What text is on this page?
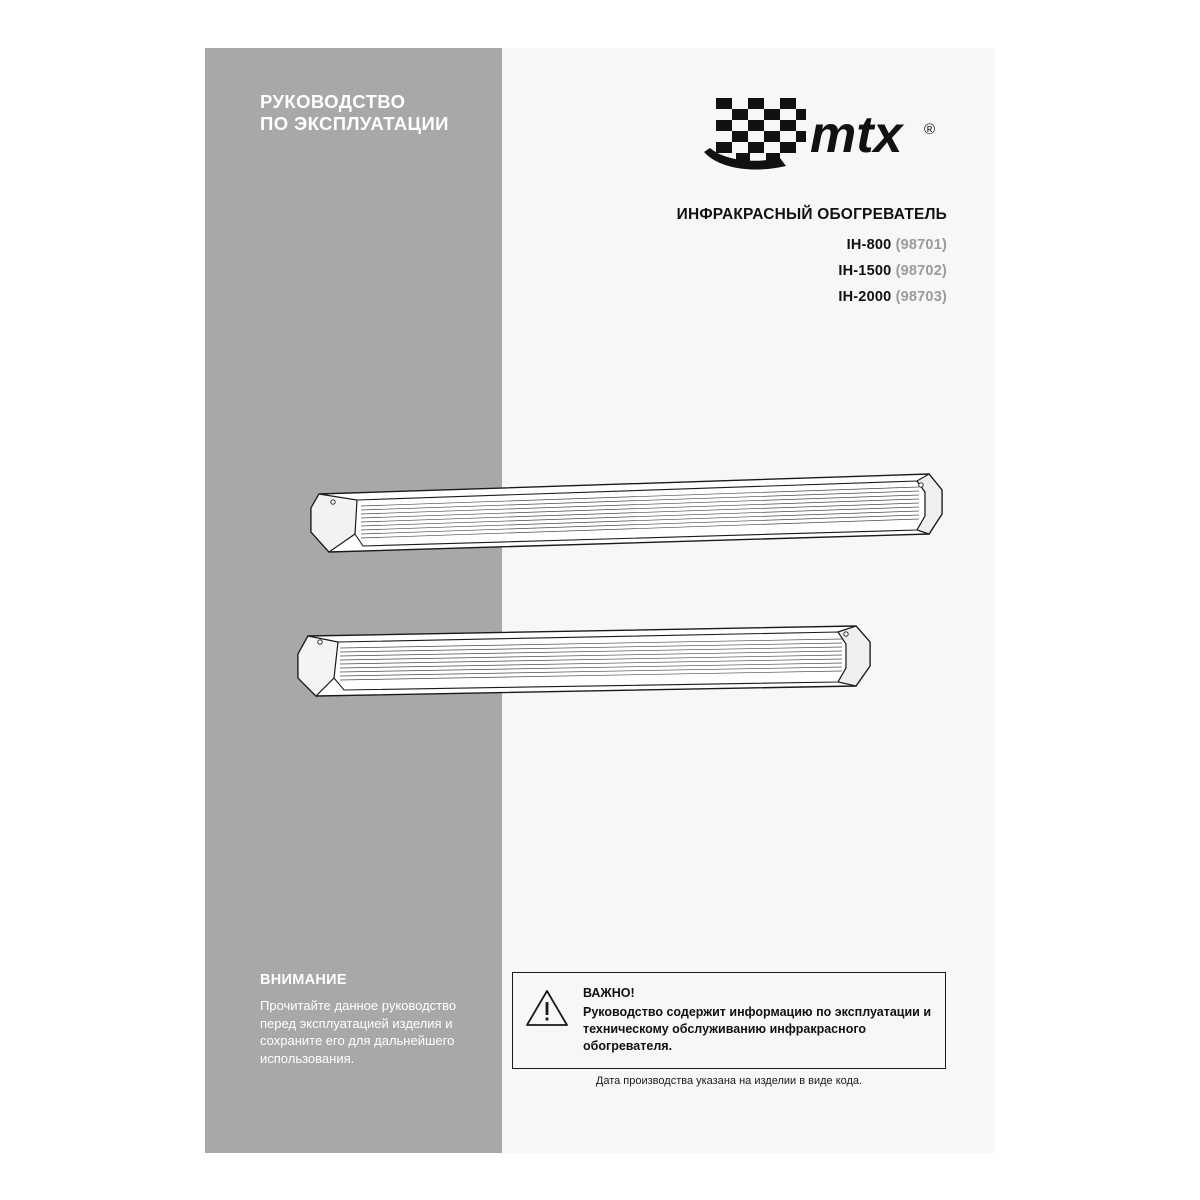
РУКОВОДСТВО
ПО ЭКСПЛУАТАЦИИ	mtx ®
ИНФРАКРАСНЫЙ ОБОГРЕВАТЕЛЬ
IH-800 (98701)
IH-1500 (98702)
IH-2000 (98703)
ВНИМАНИЕ
Прочитайте данное руководство перед эксплуатацией изделия и сохраните его для дальнейшего использования.
ВАЖНО!
Руководство содержит информацию по эксплуатации и техническому обслуживанию инфракрасного обогревателя.
Дата производства указана на изделии в виде кода.
